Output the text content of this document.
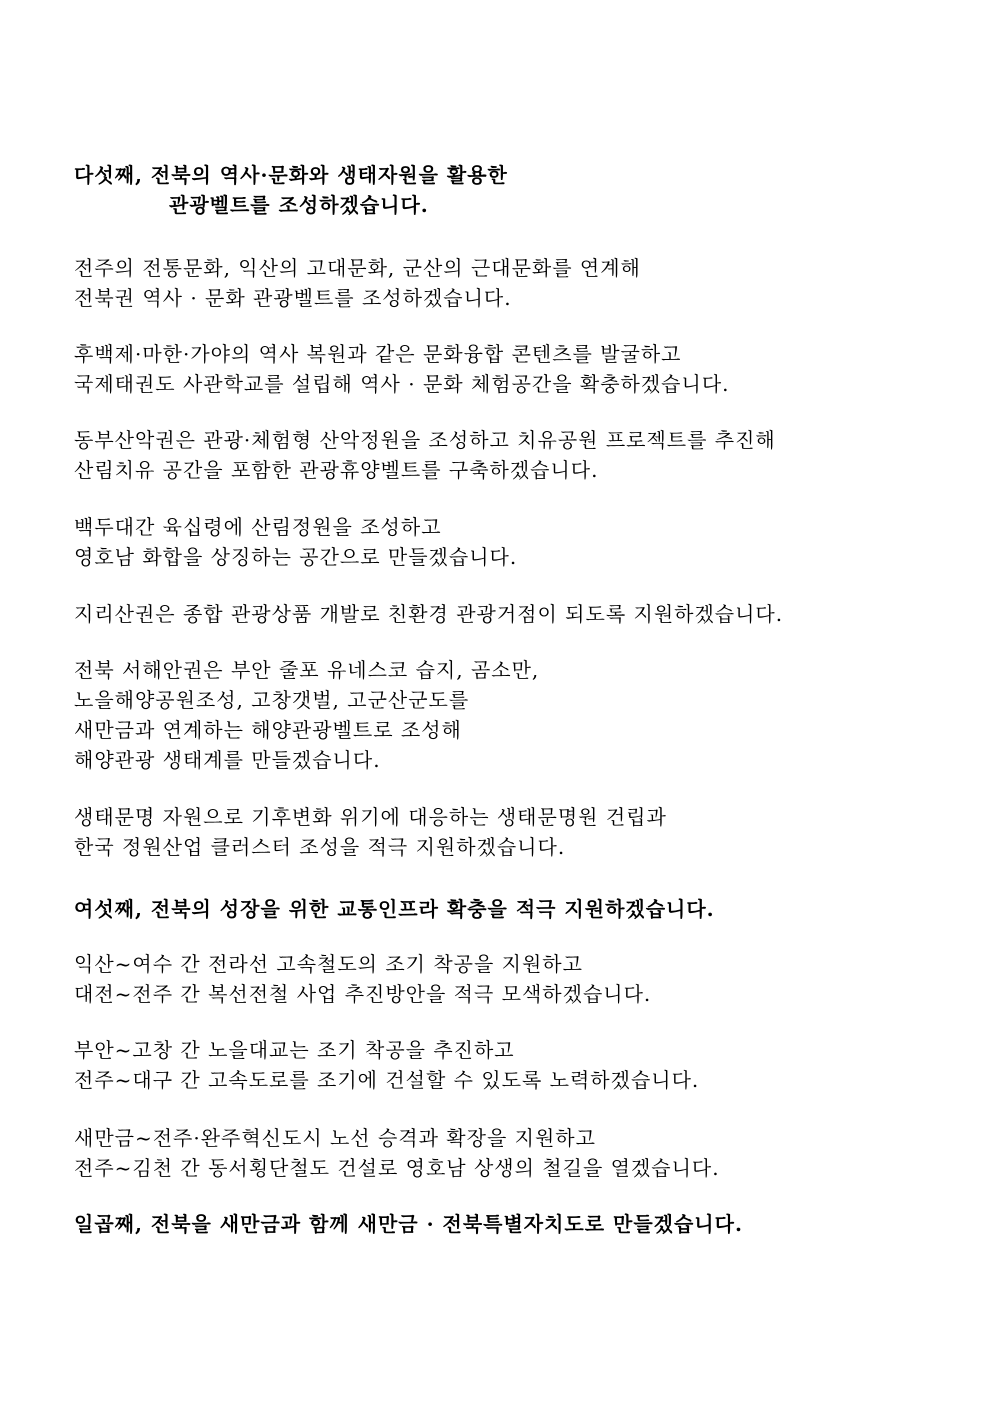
다섯째, 전북의 역사·문화와 생태자원을 활용한
관광벨트를 조성하겠습니다.
전주의 전통문화, 익산의 고대문화, 군산의 근대문화를 연계해
전북권 역사 · 문화 관광벨트를 조성하겠습니다.
후백제·마한·가야의 역사 복원과 같은 문화융합 콘텐츠를 발굴하고
국제태권도 사관학교를 설립해 역사 · 문화 체험공간을 확충하겠습니다.
동부산악권은 관광·체험형 산악정원을 조성하고 치유공원 프로젝트를 추진해
산림치유 공간을 포함한 관광휴양벨트를 구축하겠습니다.
백두대간 육십령에 산림정원을 조성하고
영호남 화합을 상징하는 공간으로 만들겠습니다.
지리산권은 종합 관광상품 개발로 친환경 관광거점이 되도록 지원하겠습니다.
전북 서해안권은 부안 줄포 유네스코 습지, 곰소만,
노을해양공원조성, 고창갯벌, 고군산군도를
새만금과 연계하는 해양관광벨트로 조성해
해양관광 생태계를 만들겠습니다.
생태문명 자원으로 기후변화 위기에 대응하는 생태문명원 건립과
한국 정원산업 클러스터 조성을 적극 지원하겠습니다.
여섯째, 전북의 성장을 위한 교통인프라 확충을 적극 지원하겠습니다.
익산~여수 간 전라선 고속철도의 조기 착공을 지원하고
대전~전주 간 복선전철 사업 추진방안을 적극 모색하겠습니다.
부안~고창 간 노을대교는 조기 착공을 추진하고
전주~대구 간 고속도로를 조기에 건설할 수 있도록 노력하겠습니다.
새만금~전주·완주혁신도시 노선 승격과 확장을 지원하고
전주~김천 간 동서횡단철도 건설로 영호남 상생의 철길을 열겠습니다.
일곱째, 전북을 새만금과 함께 새만금 · 전북특별자치도로 만들겠습니다.
